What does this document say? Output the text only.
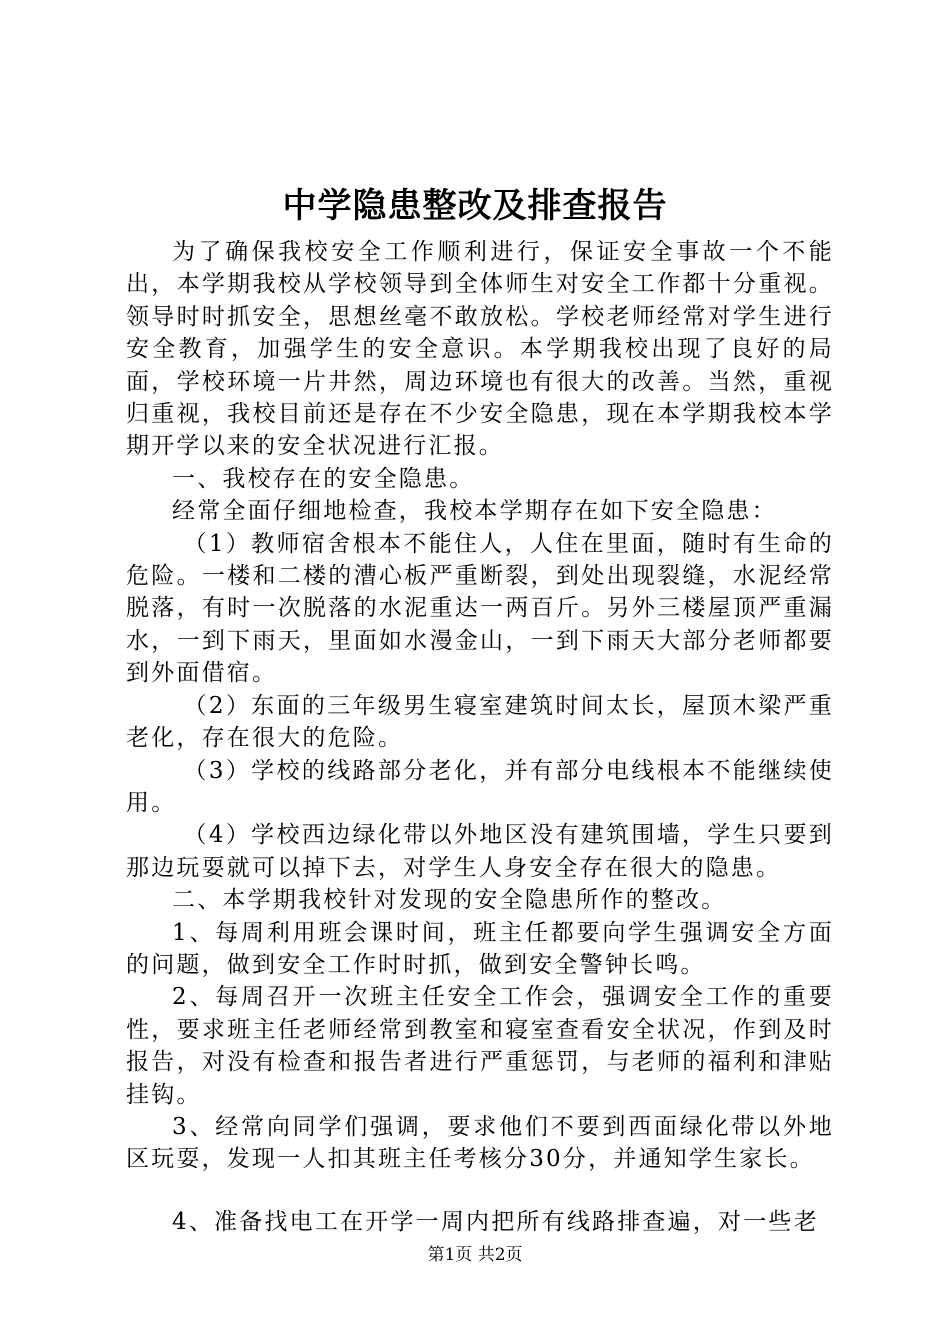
中学隐患整改及排查报告

为了确保我校安全工作顺利进行，保证安全事故一个不能出，本学期我校从学校领导到全体师生对安全工作都十分重视。领导时时抓安全，思想丝毫不敢放松。学校老师经常对学生进行安全教育，加强学生的安全意识。本学期我校出现了良好的局面，学校环境一片井然，周边环境也有很大的改善。当然，重视归重视，我校目前还是存在不少安全隐患，现在本学期我校本学期开学以来的安全状况进行汇报。

一、我校存在的安全隐患。

经常全面仔细地检查，我校本学期存在如下安全隐患：

（1）教师宿舍根本不能住人，人住在里面，随时有生命的危险。一楼和二楼的漕心板严重断裂，到处出现裂缝，水泥经常脱落，有时一次脱落的水泥重达一两百斤。另外三楼屋顶严重漏水，一到下雨天，里面如水漫金山，一到下雨天大部分老师都要到外面借宿。

（2）东面的三年级男生寝室建筑时间太长，屋顶木梁严重老化，存在很大的危险。

（3）学校的线路部分老化，并有部分电线根本不能继续使用。

（4）学校西边绿化带以外地区没有建筑围墙，学生只要到那边玩耍就可以掉下去，对学生人身安全存在很大的隐患。

二、本学期我校针对发现的安全隐患所作的整改。

1、每周利用班会课时间，班主任都要向学生强调安全方面的问题，做到安全工作时时抓，做到安全警钟长鸣。

2、每周召开一次班主任安全工作会，强调安全工作的重要性，要求班主任老师经常到教室和寝室查看安全状况，作到及时报告，对没有检查和报告者进行严重惩罚，与老师的福利和津贴挂钩。

3、经常向同学们强调，要求他们不要到西面绿化带以外地区玩耍，发现一人扣其班主任考核分30分，并通知学生家长。

4、准备找电工在开学一周内把所有线路排查遍，对一些老

第1页 共2页
